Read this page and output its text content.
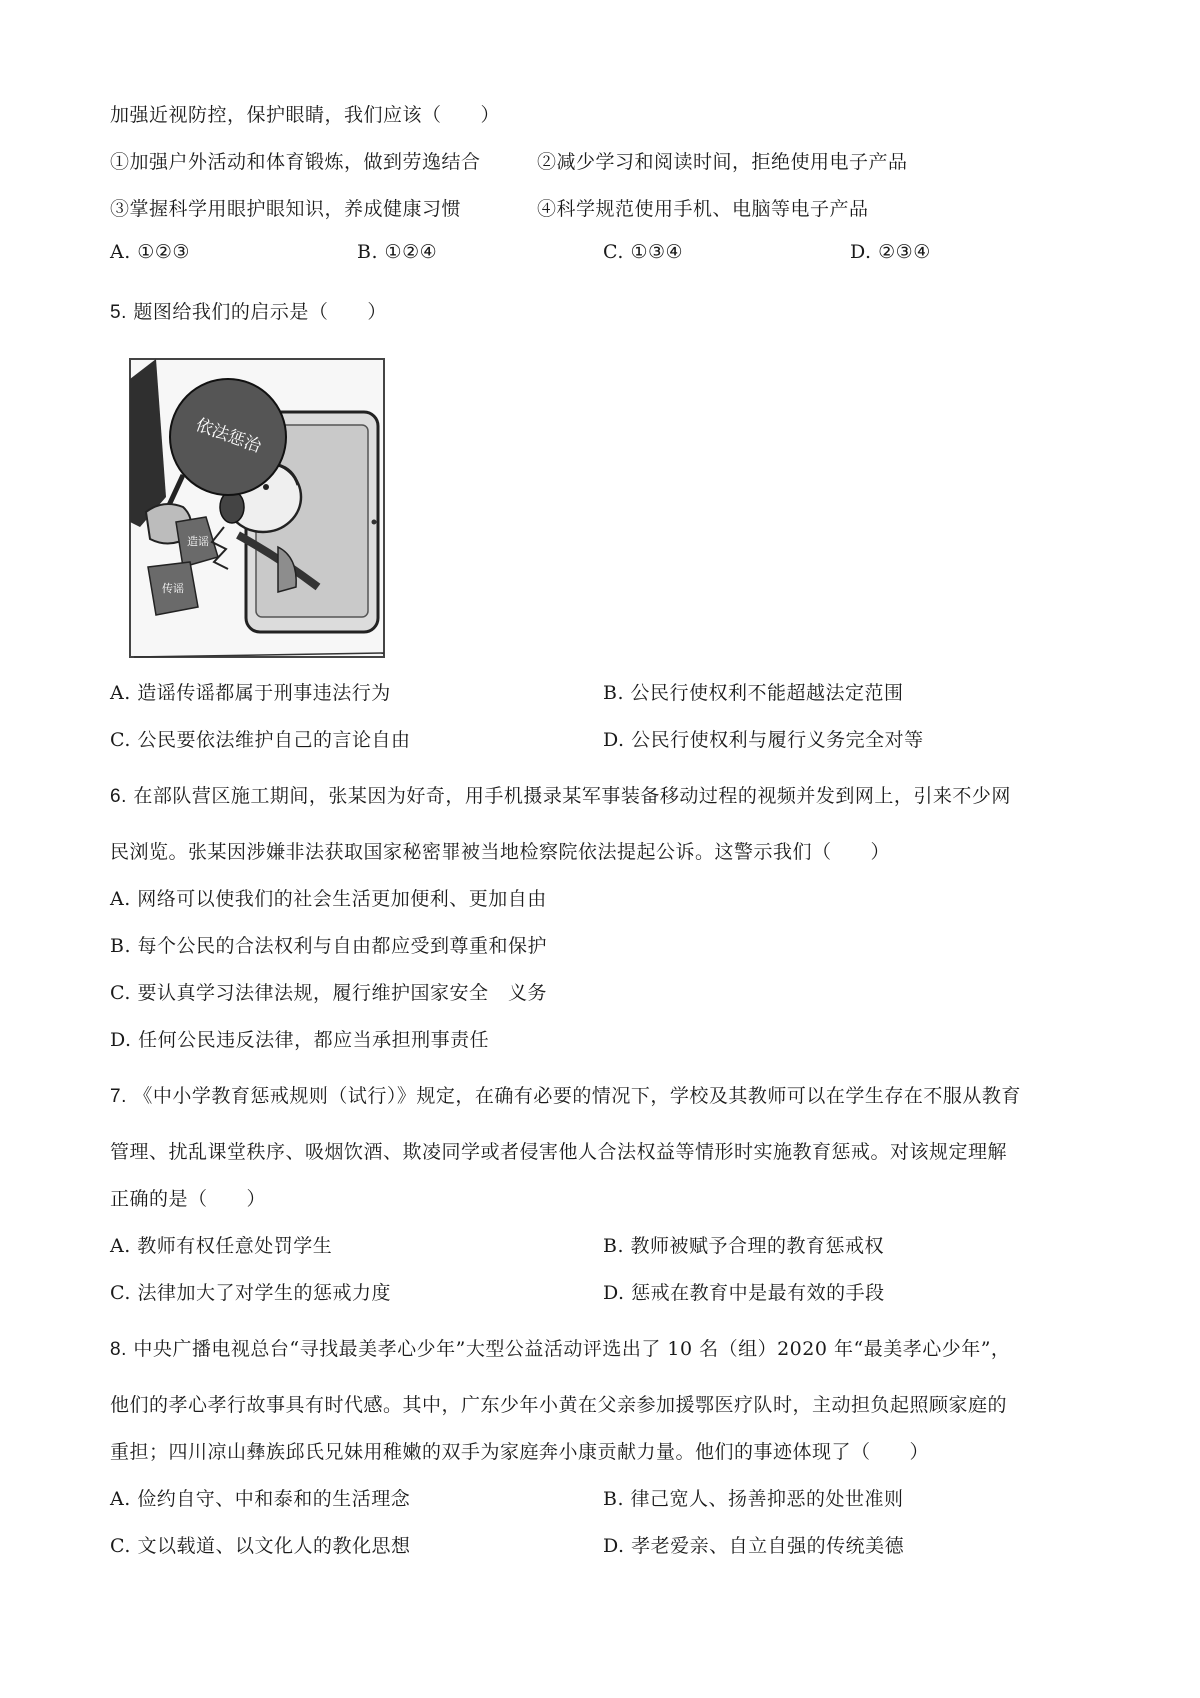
加强近视防控，保护眼睛，我们应该（　　）
①加强户外活动和体育锻炼，做到劳逸结合	②减少学习和阅读时间，拒绝使用电子产品
③掌握科学用眼护眼知识，养成健康习惯	④科学规范使用手机、电脑等电子产品
A. ①②③	B. ①②④	C. ①③④	D. ②③④
5. 题图给我们的启示是（　　）
依法惩治
造谣
传谣
A. 造谣传谣都属于刑事违法行为	B. 公民行使权利不能超越法定范围
C. 公民要依法维护自己的言论自由	D. 公民行使权利与履行义务完全对等
6. 在部队营区施工期间，张某因为好奇，用手机摄录某军事装备移动过程的视频并发到网上，引来不少网
民浏览。张某因涉嫌非法获取国家秘密罪被当地检察院依法提起公诉。这警示我们（　　）
A. 网络可以使我们的社会生活更加便利、更加自由
B. 每个公民的合法权利与自由都应受到尊重和保护
C. 要认真学习法律法规，履行维护国家安全　义务
D. 任何公民违反法律，都应当承担刑事责任
7. 《中小学教育惩戒规则（试行）》规定，在确有必要的情况下，学校及其教师可以在学生存在不服从教育
管理、扰乱课堂秩序、吸烟饮酒、欺凌同学或者侵害他人合法权益等情形时实施教育惩戒。对该规定理解
正确的是（　　）
A. 教师有权任意处罚学生	B. 教师被赋予合理的教育惩戒权
C. 法律加大了对学生的惩戒力度	D. 惩戒在教育中是最有效的手段
8. 中央广播电视总台“寻找最美孝心少年”大型公益活动评选出了 10 名（组）2020 年“最美孝心少年”，
他们的孝心孝行故事具有时代感。其中，广东少年小黄在父亲参加援鄂医疗队时，主动担负起照顾家庭的
重担；四川凉山彝族邱氏兄妹用稚嫩的双手为家庭奔小康贡献力量。他们的事迹体现了（　　）
A. 俭约自守、中和泰和的生活理念	B. 律己宽人、扬善抑恶的处世准则
C. 文以载道、以文化人的教化思想	D. 孝老爱亲、自立自强的传统美德
